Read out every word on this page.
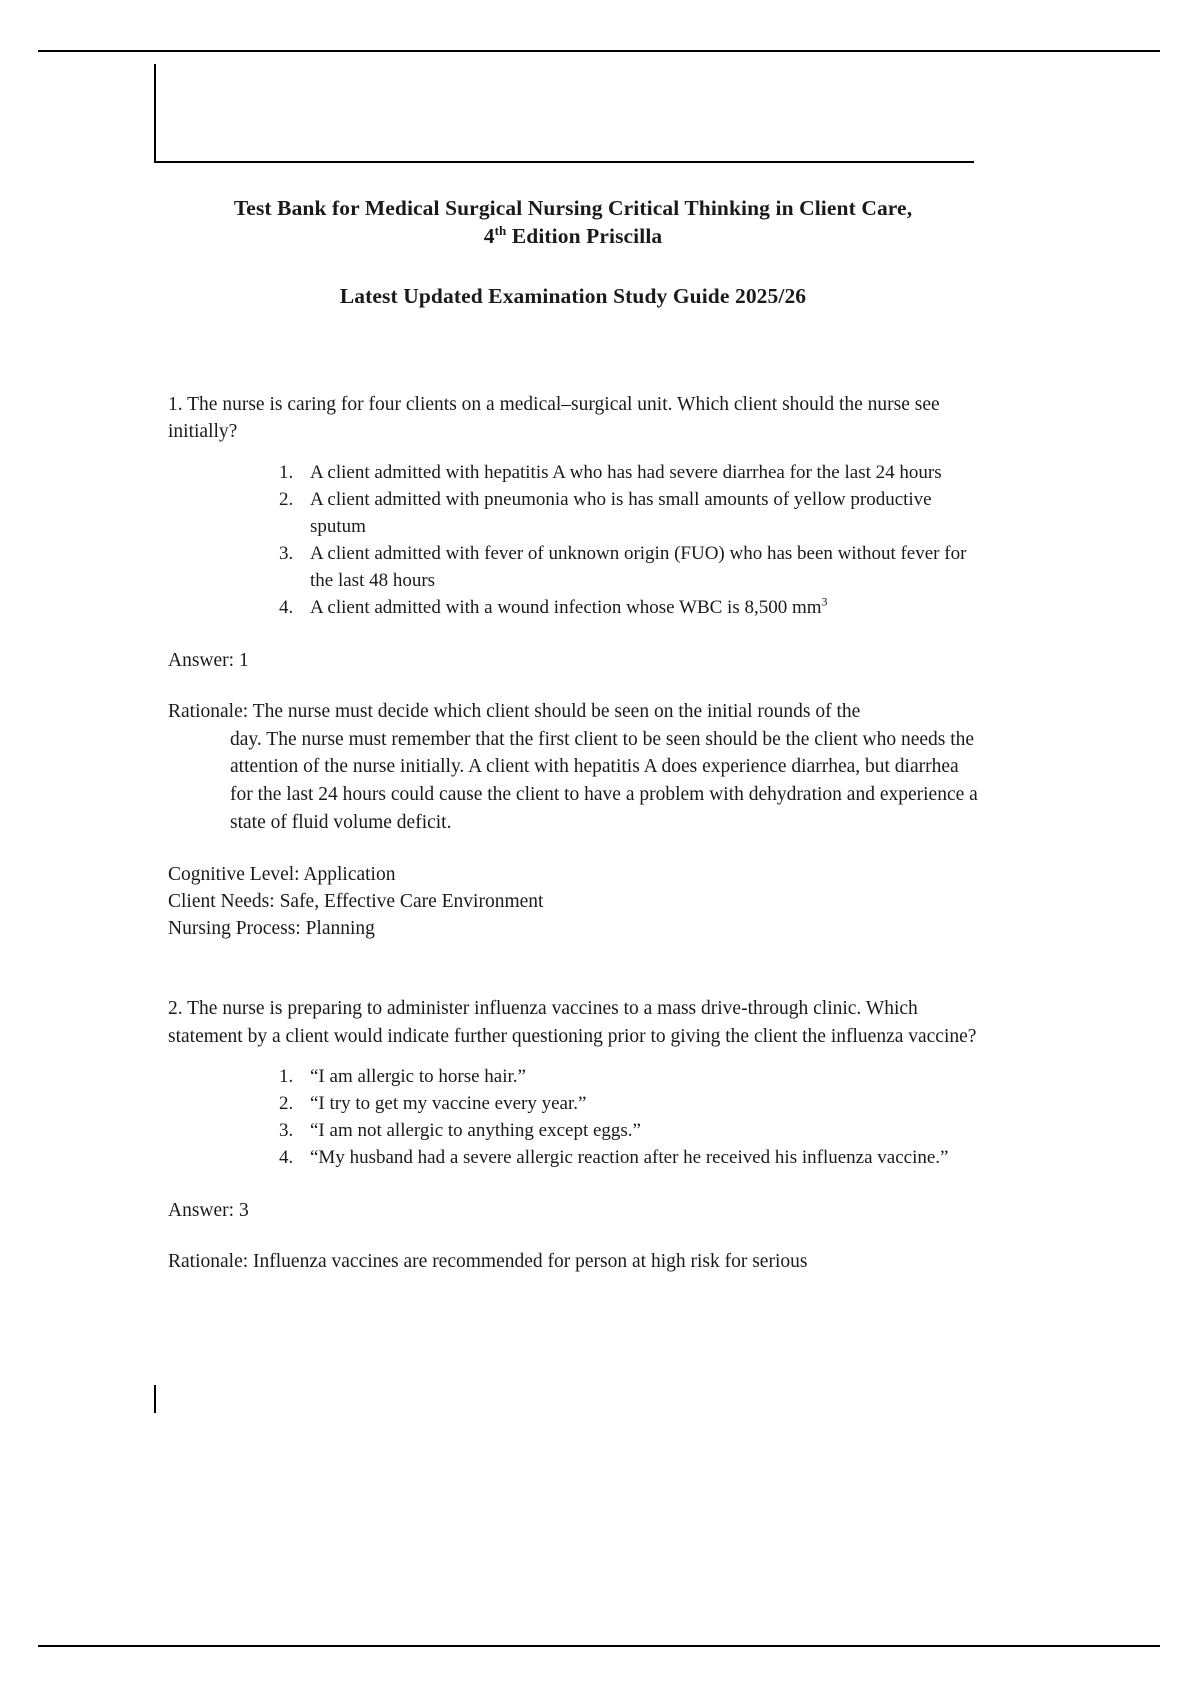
Test Bank for Medical Surgical Nursing Critical Thinking in Client Care,
4th Edition Priscilla
Latest Updated Examination Study Guide 2025/26
1. The nurse is caring for four clients on a medical–surgical unit. Which client should the nurse see initially?
1. A client admitted with hepatitis A who has had severe diarrhea for the last 24 hours
2. A client admitted with pneumonia who is has small amounts of yellow productive sputum
3. A client admitted with fever of unknown origin (FUO) who has been without fever for the last 48 hours
4. A client admitted with a wound infection whose WBC is 8,500 $mm^3$
Answer: 1
Rationale: The nurse must decide which client should be seen on the initial rounds of the
day. The nurse must remember that the first client to be seen should be the client who needs the attention of the nurse initially. A client with hepatitis A does experience diarrhea, but diarrhea for the last 24 hours could cause the client to have a problem with dehydration and experience a state of fluid volume deficit.
Cognitive Level: Application
Client Needs: Safe, Effective Care Environment
Nursing Process: Planning
2. The nurse is preparing to administer influenza vaccines to a mass drive-through clinic. Which statement by a client would indicate further questioning prior to giving the client the influenza vaccine?
1. “I am allergic to horse hair.”
2. “I try to get my vaccine every year.”
3. “I am not allergic to anything except eggs.”
4. “My husband had a severe allergic reaction after he received his influenza vaccine.”
Answer: 3
Rationale: Influenza vaccines are recommended for person at high risk for serious
